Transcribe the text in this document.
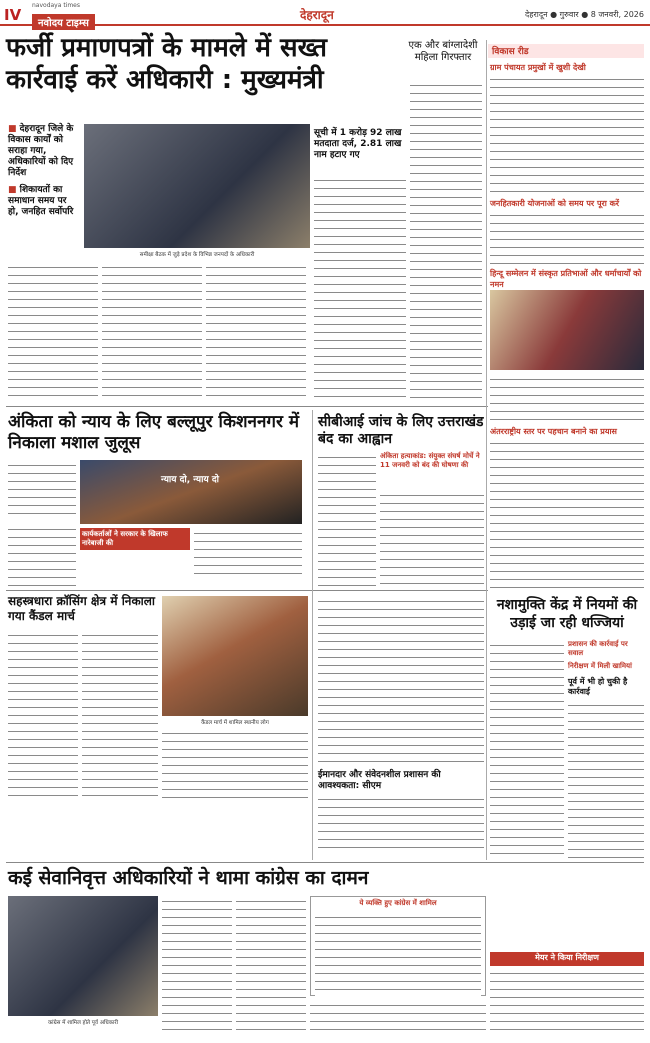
IV
navodaya times
नवोदय टाइम्स
देहरादून	देहरादून ● गुरुवार ● 8 जनवरी, 2026
फर्जी प्रमाणपत्रों के मामले में सख्त कार्रवाई करें अधिकारी : मुख्यमंत्री
एक और बांग्लादेशी महिला गिरफ्तार
■ देहरादून जिले के विकास कार्यों को सराहा गया, अधिकारियों को दिए निर्देश
■ शिकायतों का समाधान समय पर हो, जनहित सर्वोपरि
समीक्षा बैठक में जुड़े प्रदेश के विभिन्न जनपदों के अधिकारी
सूची में 1 करोड़ 92 लाख मतदाता दर्ज, 2.81 लाख नाम हटाए गए
विकास रीड
ग्राम पंचायत प्रमुखों में खुशी देखी
जनहितकारी योजनाओं को समय पर पूरा करें
हिन्दू सम्मेलन में संस्कृत प्रतिभाओं और धर्माचार्यों को नमन
अंतरराष्ट्रीय स्तर पर पहचान बनाने का प्रयास
अंकिता को न्याय के लिए बल्लूपुर किशननगर में निकाला मशाल जुलूस
न्याय दो, न्याय दो
कार्यकर्ताओं ने सरकार के खिलाफ नारेबाजी की
सीबीआई जांच के लिए उत्तराखंड बंद का आह्वान
अंकिता हत्याकांड: संयुक्त संघर्ष मोर्चे ने 11 जनवरी को बंद की घोषणा की
सहस्त्रधारा क्रॉसिंग क्षेत्र में निकाला गया कैंडल मार्च
कैंडल मार्च में शामिल स्थानीय लोग
ईमानदार और संवेदनशील प्रशासन की आवश्यकता: सीएम
नशामुक्ति केंद्र में नियमों की उड़ाई जा रही धज्जियां
प्रशासन की कार्रवाई पर सवाल
निरीक्षण में मिली खामियां
पूर्व में भी हो चुकी है कार्रवाई
कई सेवानिवृत्त अधिकारियों ने थामा कांग्रेस का दामन
कांग्रेस में शामिल होते पूर्व अधिकारी
ये व्यक्ति हुए कांग्रेस में शामिल
मेयर ने किया निरीक्षण
